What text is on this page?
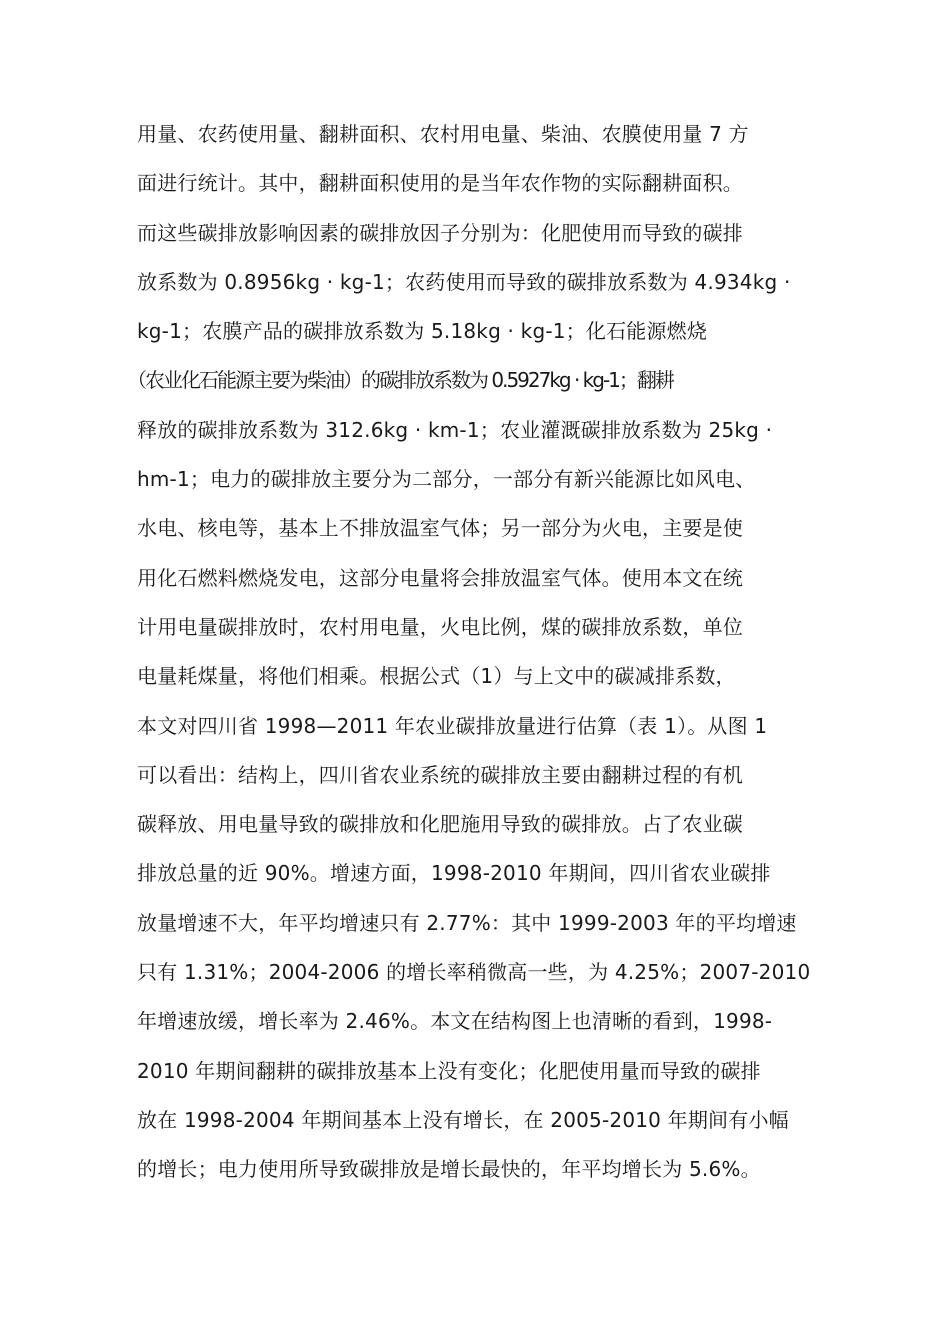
用量、农药使用量、翻耕面积、农村用电量、柴油、农膜使用量 7 方
面进行统计。其中，翻耕面积使用的是当年农作物的实际翻耕面积。
而这些碳排放影响因素的碳排放因子分别为：化肥使用而导致的碳排
放系数为 0.8956kg · kg-1；农药使用而导致的碳排放系数为 4.934kg ·
kg-1；农膜产品的碳排放系数为 5.18kg · kg-1；化石能源燃烧
（农业化石能源主要为柴油）的碳排放系数为 0.5927kg · kg-1；翻耕
释放的碳排放系数为 312.6kg · km-1；农业灌溉碳排放系数为 25kg ·
hm-1；电力的碳排放主要分为二部分，一部分有新兴能源比如风电、
水电、核电等，基本上不排放温室气体；另一部分为火电，主要是使
用化石燃料燃烧发电，这部分电量将会排放温室气体。使用本文在统
计用电量碳排放时，农村用电量，火电比例，煤的碳排放系数，单位
电量耗煤量，将他们相乘。根据公式（1）与上文中的碳减排系数，
本文对四川省 1998—2011 年农业碳排放量进行估算（表 1）。从图 1
可以看出：结构上，四川省农业系统的碳排放主要由翻耕过程的有机
碳释放、用电量导致的碳排放和化肥施用导致的碳排放。占了农业碳
排放总量的近 90%。增速方面，1998-2010 年期间，四川省农业碳排
放量增速不大，年平均增速只有 2.77%：其中 1999-2003 年的平均增速
只有 1.31%；2004-2006 的增长率稍微高一些，为 4.25%；2007-2010
年增速放缓，增长率为 2.46%。本文在结构图上也清晰的看到，1998-
2010 年期间翻耕的碳排放基本上没有变化；化肥使用量而导致的碳排
放在 1998-2004 年期间基本上没有增长，在 2005-2010 年期间有小幅
的增长；电力使用所导致碳排放是增长最快的，年平均增长为 5.6%。
